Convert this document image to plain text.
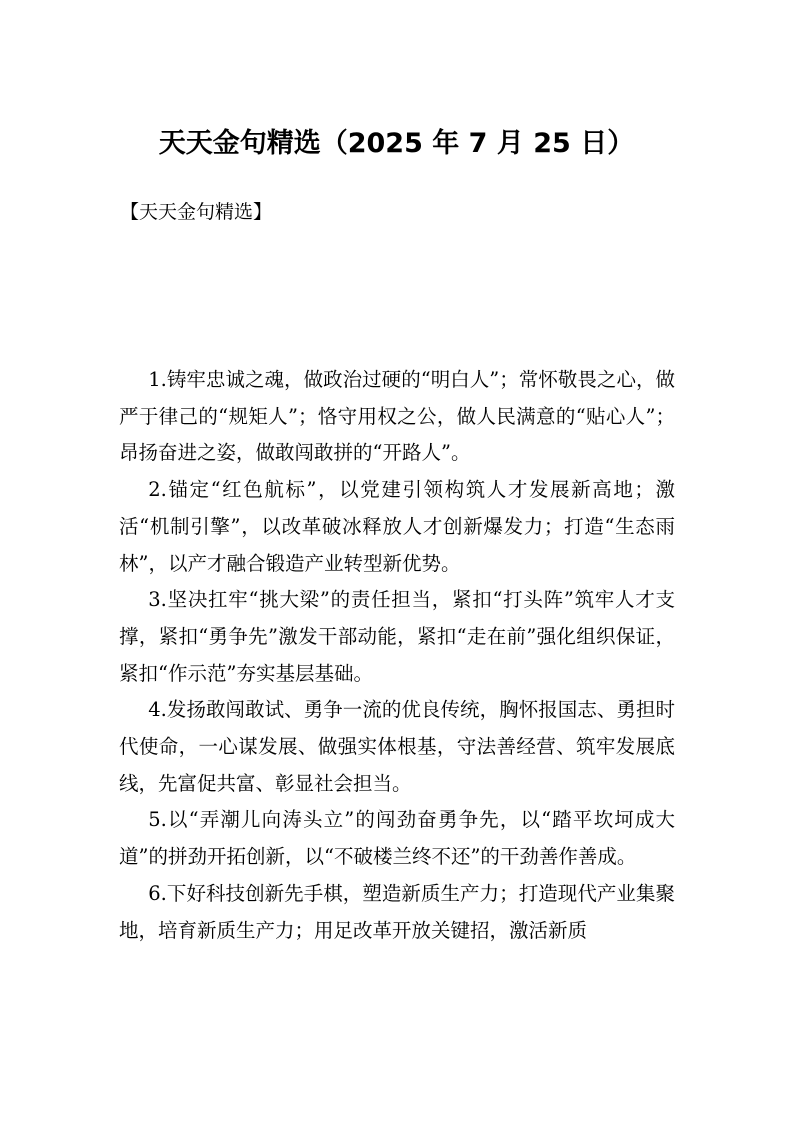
天天金句精选（2025 年 7 月 25 日）
【天天金句精选】

1.铸牢忠诚之魂，做政治过硬的“明白人”；常怀敬畏之心，做严于律己的“规矩人”；恪守用权之公，做人民满意的“贴心人”；昂扬奋进之姿，做敢闯敢拼的“开路人”。

2.锚定“红色航标”，以党建引领构筑人才发展新高地；激活“机制引擎”，以改革破冰释放人才创新爆发力；打造“生态雨林”，以产才融合锻造产业转型新优势。

3.坚决扛牢“挑大梁”的责任担当，紧扣“打头阵”筑牢人才支撑，紧扣“勇争先”激发干部动能，紧扣“走在前”强化组织保证，紧扣“作示范”夯实基层基础。

4.发扬敢闯敢试、勇争一流的优良传统，胸怀报国志、勇担时代使命，一心谋发展、做强实体根基，守法善经营、筑牢发展底线，先富促共富、彰显社会担当。

5.以“弄潮儿向涛头立”的闯劲奋勇争先，以“踏平坎坷成大道”的拼劲开拓创新，以“不破楼兰终不还”的干劲善作善成。

6.下好科技创新先手棋，塑造新质生产力；打造现代产业集聚地，培育新质生产力；用足改革开放关键招，激活新质
